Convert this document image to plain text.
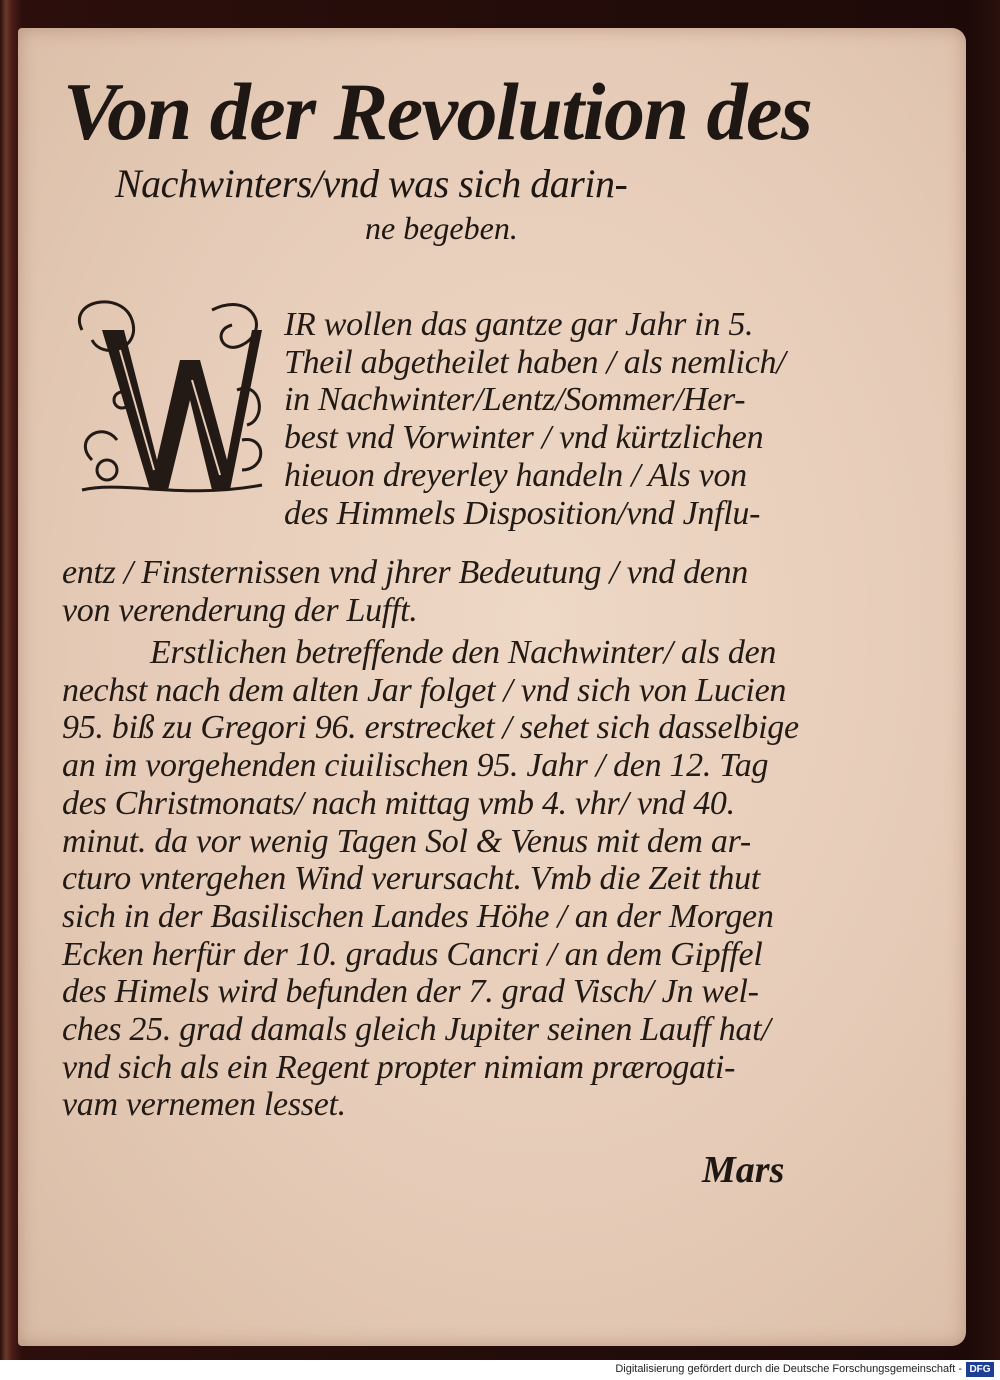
Von der Revolution des
Nachwinters/vnd was sich darin-
ne begeben.
W
IR wollen das gantze gar Jahr in 5.
Theil abgetheilet haben / als nemlich/
in Nachwinter/Lentz/Sommer/Her-
best vnd Vorwinter / vnd kürtzlichen
hieuon dreyerley handeln / Als von
des Himmels Disposition/vnd Jnflu-
entz / Finsternissen vnd jhrer Bedeutung / vnd denn
von verenderung der Lufft.
Erstlichen betreffende den Nachwinter/ als den
nechst nach dem alten Jar folget / vnd sich von Lucien
95. biß zu Gregori 96. erstrecket / sehet sich dasselbige
an im vorgehenden ciuilischen 95. Jahr / den 12. Tag
des Christmonats/ nach mittag vmb 4. vhr/ vnd 40.
minut. da vor wenig Tagen Sol & Venus mit dem ar-
cturo vntergehen Wind verursacht. Vmb die Zeit thut
sich in der Basilischen Landes Höhe / an der Morgen
Ecken herfür der 10. gradus Cancri / an dem Gipffel
des Himels wird befunden der 7. grad Visch/ Jn wel-
ches 25. grad damals gleich Jupiter seinen Lauff hat/
vnd sich als ein Regent propter nimiam prærogati-
vam vernemen lesset.
Mars
Digitalisierung gefördert durch die Deutsche Forschungsgemeinschaft - DFG
